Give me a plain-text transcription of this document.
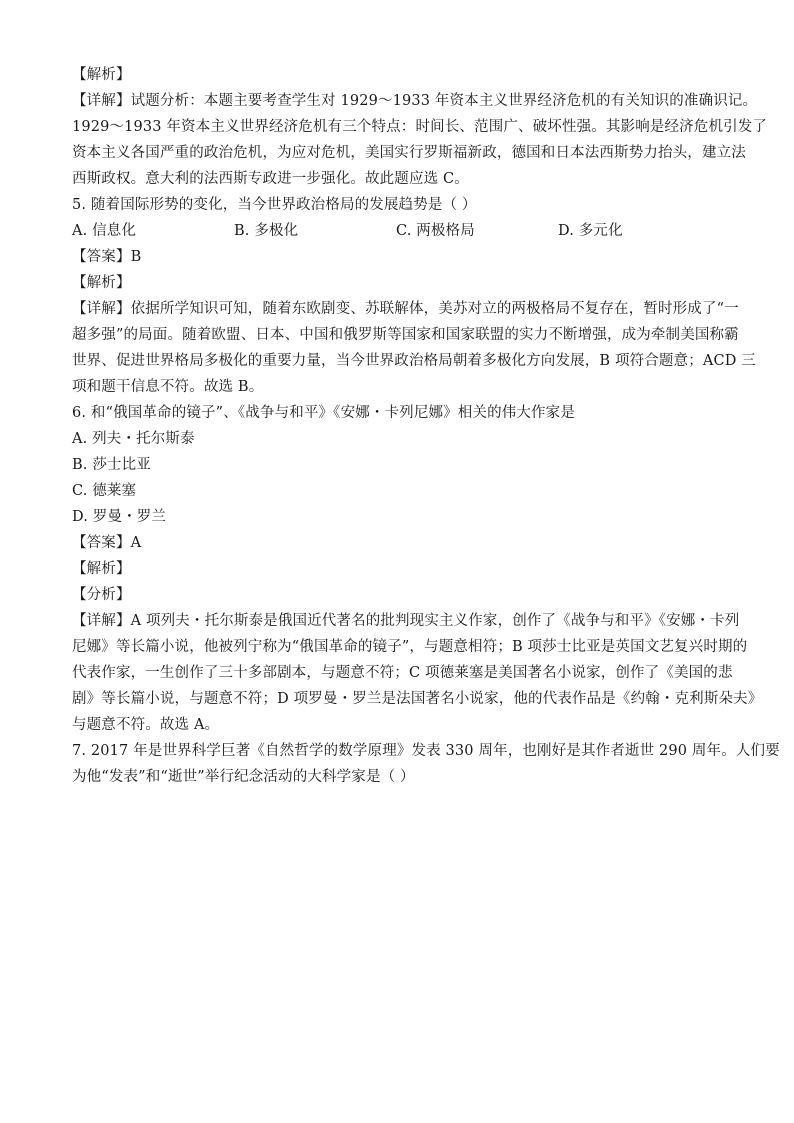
【解析】
【详解】试题分析：本题主要考查学生对 1929～1933 年资本主义世界经济危机的有关知识的准确识记。
1929～1933 年资本主义世界经济危机有三个特点：时间长、范围广、破坏性强。其影响是经济危机引发了
资本主义各国严重的政治危机，为应对危机，美国实行罗斯福新政，德国和日本法西斯势力抬头，建立法
西斯政权。意大利的法西斯专政进一步强化。故此题应选 C。
5. 随着国际形势的变化，当今世界政治格局的发展趋势是（ ）
A. 信息化	B. 多极化	C. 两极格局	D. 多元化
【答案】B
【解析】
【详解】依据所学知识可知，随着东欧剧变、苏联解体，美苏对立的两极格局不复存在，暂时形成了“一
超多强”的局面。随着欧盟、日本、中国和俄罗斯等国家和国家联盟的实力不断增强，成为牵制美国称霸
世界、促进世界格局多极化的重要力量，当今世界政治格局朝着多极化方向发展，B 项符合题意；ACD 三
项和题干信息不符。故选 B。
6. 和“俄国革命的镜子”、《战争与和平》《安娜・卡列尼娜》相关的伟大作家是
A. 列夫・托尔斯泰
B. 莎士比亚
C. 德莱塞
D. 罗曼・罗兰
【答案】A
【解析】
【分析】
【详解】A 项列夫・托尔斯泰是俄国近代著名的批判现实主义作家，创作了《战争与和平》《安娜・卡列
尼娜》等长篇小说，他被列宁称为“俄国革命的镜子”，与题意相符；B 项莎士比亚是英国文艺复兴时期的
代表作家，一生创作了三十多部剧本，与题意不符；C 项德莱塞是美国著名小说家，创作了《美国的悲
剧》等长篇小说，与题意不符；D 项罗曼・罗兰是法国著名小说家，他的代表作品是《约翰・克利斯朵夫》
与题意不符。故选 A。
7. 2017 年是世界科学巨著《自然哲学的数学原理》发表 330 周年，也刚好是其作者逝世 290 周年。人们要
为他“发表”和“逝世”举行纪念活动的大科学家是（ ）
